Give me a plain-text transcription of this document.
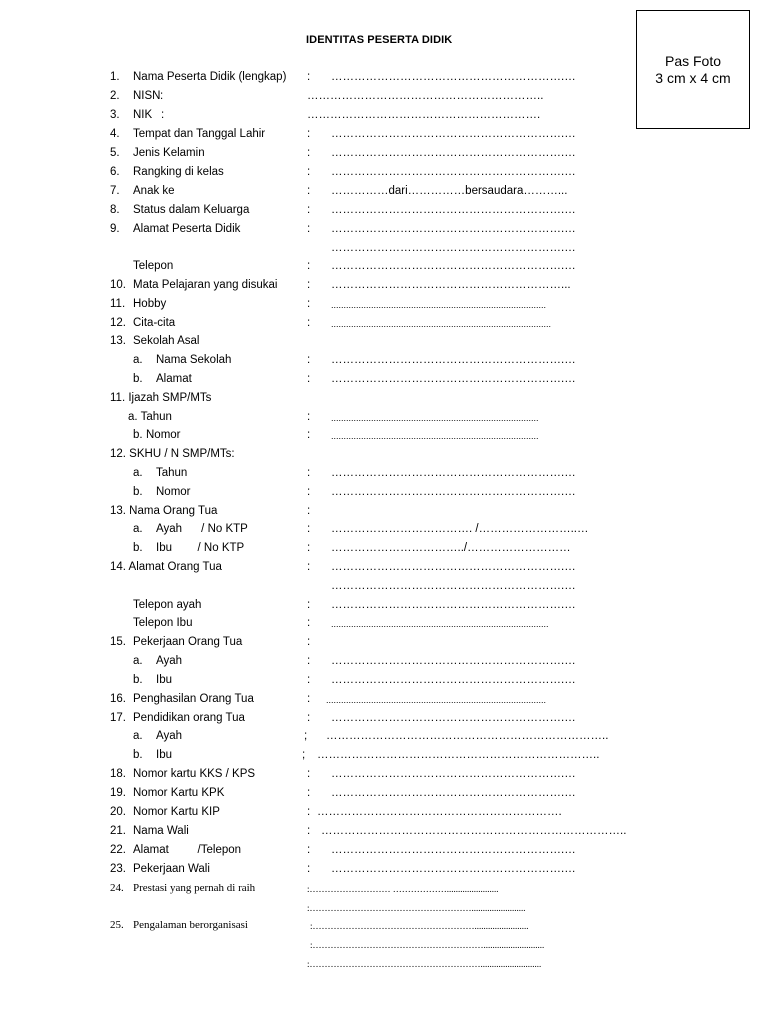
IDENTITAS PESERTA DIDIK
Pas Foto
3 cm x 4 cm
1. Nama Peserta Didik (lengkap) : …………………………………………………….…
2. NISN :	……………………………………………………..
3. NIK :	…………………………………………………….
4. Tempat dan Tanggal Lahir	: …………………………………………………….…
5. Jenis Kelamin	: …………………………………………………….…
6. Rangking di kelas	: …………………………………………………….…
7. Anak ke	: ……………dari……………bersaudara………...
8. Status dalam Keluarga	: …………………………………………………….…
9. Alamat Peserta Didik	: …………………………………………………….…
…………………………………………………….…
Telepon	: …………………………………………………….…
10. Mata Pelajaran yang disukai	: ……………………………………………………...
11. Hobby	: ......................................................................................
12. Cita-cita	: ........................................................................................
13. Sekolah Asal
a. Nama Sekolah	: …………………………………………………….…
b. Alamat	: …………………………………………………….…
11. Ijazah SMP/MTs
a. Tahun	: ...................................................................................
b. Nomor	: ...................................................................................
12. SKHU / N SMP/MTs:
a. Tahun	: …………………………………………………….…
b. Nomor	: …………………………………………………….…
13. Nama Orang Tua	:
a. Ayah      / No KTP	: ………………………………. /……………………..…
b. Ibu        / No KTP	: ……………………………../………………………
14. Alamat Orang Tua	: …………………………………………………….…
…………………………………………………….…
Telepon ayah	: …………………………………………………….…
Telepon Ibu	: .......................................................................................
15. Pekerjaan Orang Tua	:
a. Ayah	: …………………………………………………….…
b. Ibu	: …………………………………………………….…
16. Penghasilan Orang Tua	: ........................................................................................
17. Pendidikan orang Tua	: …………………………………………………….…
a. Ayah	; ………………………………………………………………..
b. Ibu	; ………………………………………………………………..
18. Nomor kartu KKS / KPS	: …………………………………………………….…
19. Nomor Kartu KPK	: …………………………………………………….…
20. Nomor Kartu KIP	: ……………………………………………………….
21. Nama Wali	: ……………………………………………………………………..
22. Alamat         /Telepon	: …………………………………………………….…
23. Pekerjaan Wali	: …………………………………………………….…
24. Prestasi yang pernah di raih	:……………………… ……………….......................
:………………………………………………........................
25. Pengalaman berorganisasi	:………………………………………………........................
:…………………………………………………...........................
:…………………………………………………...........................
